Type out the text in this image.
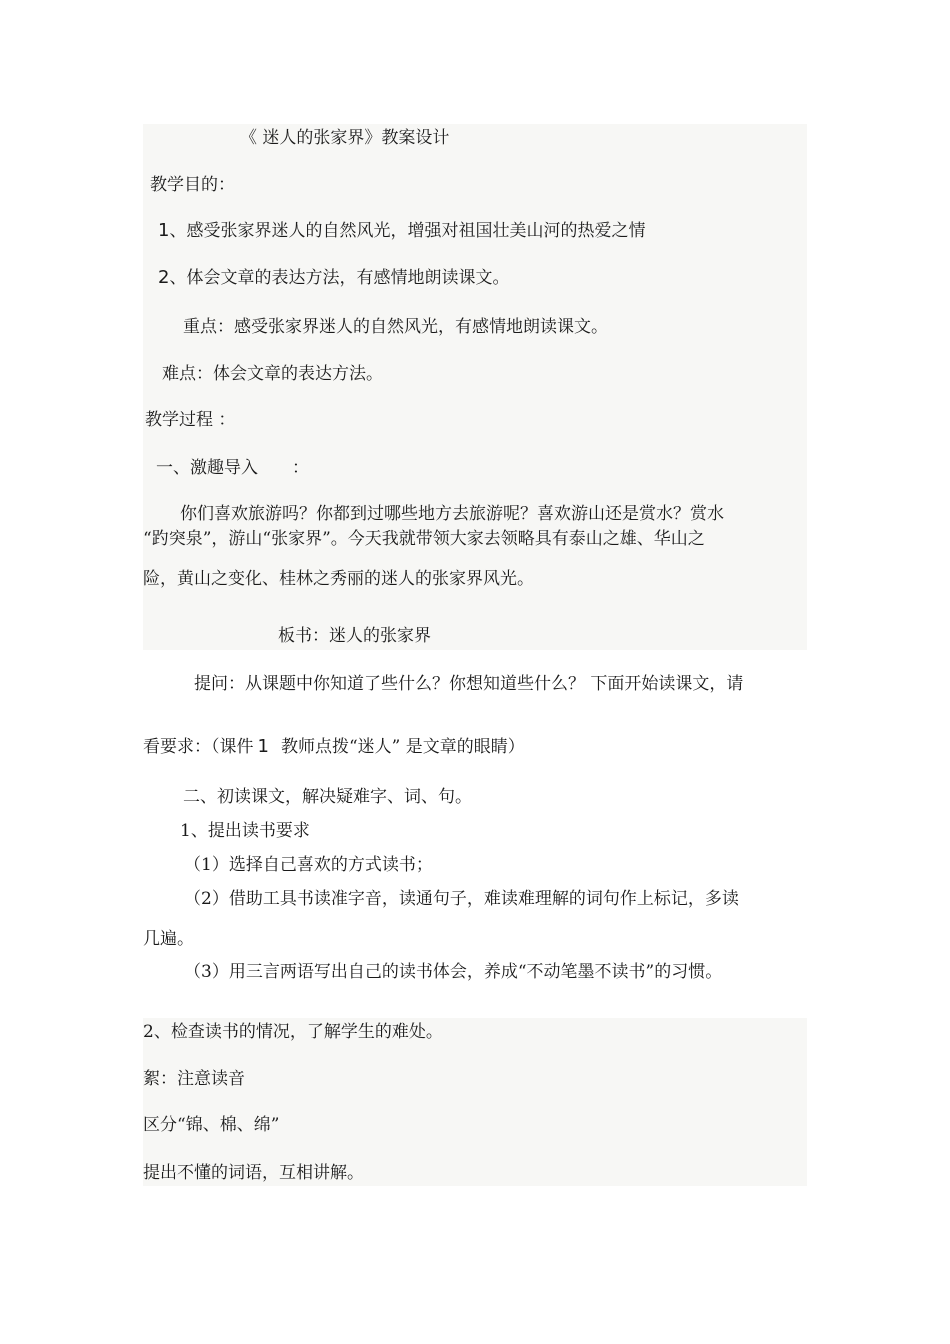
《 迷人的张家界》教案设计
教学目的：
1、感受张家界迷人的自然风光，增强对祖国壮美山河的热爱之情
2、体会文章的表达方法，有感情地朗读课文。
重点：感受张家界迷人的自然风光，有感情地朗读课文。
难点：体会文章的表达方法。
教学过程 ：
一、激趣导入　　：
你们喜欢旅游吗？你都到过哪些地方去旅游呢？喜欢游山还是赏水？赏水
“趵突泉”，游山“张家界”。今天我就带领大家去领略具有泰山之雄、华山之
险，黄山之变化、桂林之秀丽的迷人的张家界风光。
板书：迷人的张家界
提问：从课题中你知道了些什么？你想知道些什么？ 下面开始读课文，请
看要求：（课件 1 教师点拨“迷人” 是文章的眼睛）
二、初读课文，解决疑难字、词、句。
1、提出读书要求
（1）选择自己喜欢的方式读书；
（2）借助工具书读准字音，读通句子，难读难理解的词句作上标记，多读
几遍。
（3）用三言两语写出自己的读书体会，养成“不动笔墨不读书”的习惯。
2、检查读书的情况，了解学生的难处。
絮：注意读音
区分“锦、棉、绵”
提出不懂的词语，互相讲解。
